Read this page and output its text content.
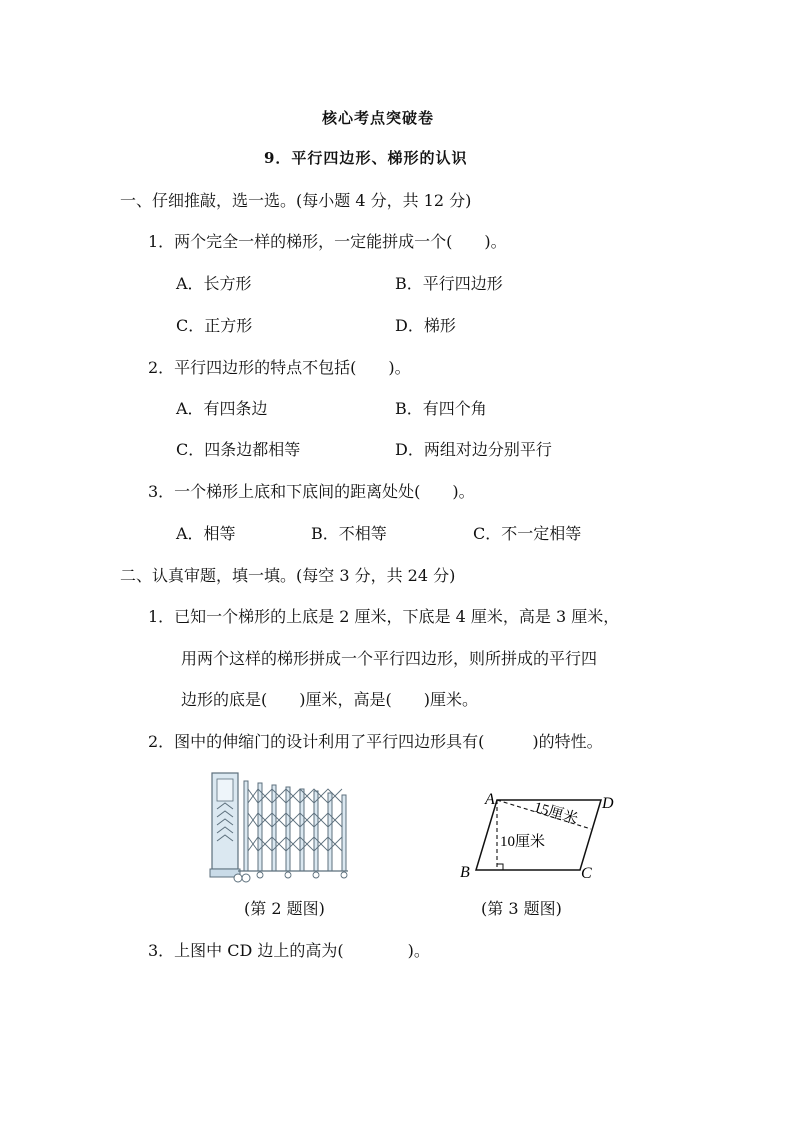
核心考点突破卷
9．平行四边形、梯形的认识
一、仔细推敲，选一选。(每小题 4 分，共 12 分)
1．两个完全一样的梯形，一定能拼成一个(　　)。
A．长方形	B．平行四边形
C．正方形	D．梯形
2．平行四边形的特点不包括(　　)。
A．有四条边	B．有四个角
C．四条边都相等	D．两组对边分别平行
3．一个梯形上底和下底间的距离处处(　　)。
A．相等	B．不相等	C．不一定相等
二、认真审题，填一填。(每空 3 分，共 24 分)
1．已知一个梯形的上底是 2 厘米，下底是 4 厘米，高是 3 厘米，
用两个这样的梯形拼成一个平行四边形，则所拼成的平行四
边形的底是(　　)厘米，高是(　　)厘米。
2．图中的伸缩门的设计利用了平行四边形具有(　　　)的特性。
(第 2 题图)
A	D
B	C
15厘米
10厘米
(第 3 题图)
3．上图中 CD 边上的高为(　　　　)。
